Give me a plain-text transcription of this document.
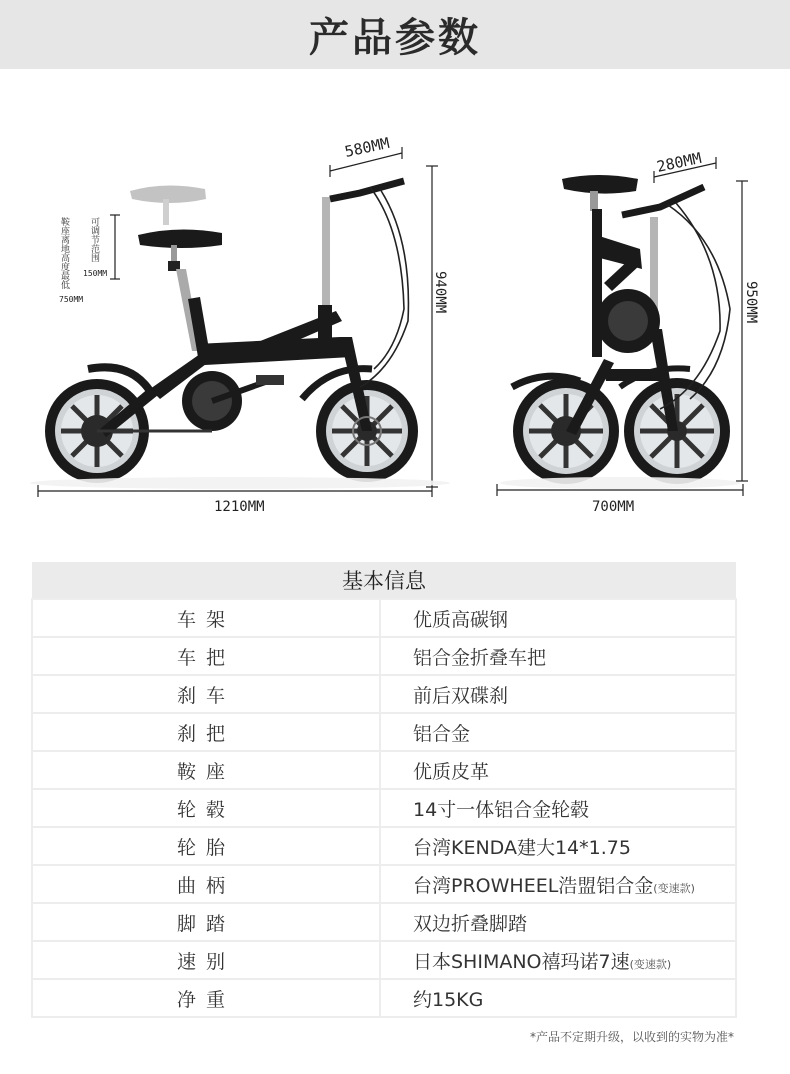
产品参数
580MM
280MM
940MM	950MM
1210MM	700MM
鞍座离地高度最低
750MM
可调节范围
150MM
基本信息	
车架	优质高碳钢
车把	铝合金折叠车把
刹车	前后双碟刹
刹把	铝合金
鞍座	优质皮革
轮毂	14寸一体铝合金轮毂
轮胎	台湾KENDA建大14*1.75
曲柄	台湾PROWHEEL浩盟铝合金(变速款)
脚踏	双边折叠脚踏
速别	日本SHIMANO禧玛诺7速(变速款)
净重	约15KG
*产品不定期升级，以收到的实物为准*
